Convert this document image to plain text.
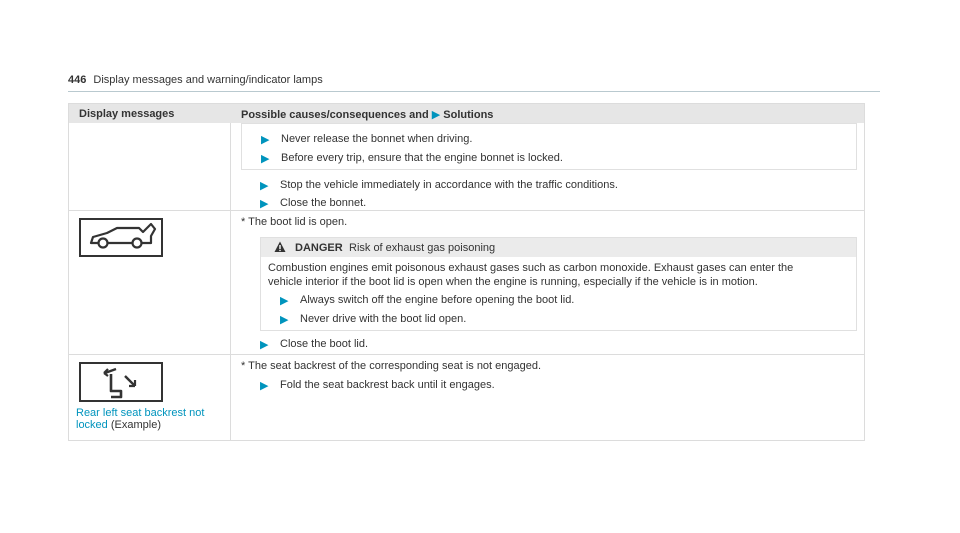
446 Display messages and warning/indicator lamps
Display messages	Possible causes/consequences and ▶ Solutions
▶ Never release the bonnet when driving.
▶ Before every trip, ensure that the engine bonnet is locked.
▶ Stop the vehicle immediately in accordance with the traffic conditions.
▶ Close the bonnet.
* The boot lid is open.
DANGER Risk of exhaust gas poisoning
Combustion engines emit poisonous exhaust gases such as carbon monoxide. Exhaust gases can enter the
vehicle interior if the boot lid is open when the engine is running, especially if the vehicle is in motion.
▶ Always switch off the engine before opening the boot lid.
▶ Never drive with the boot lid open.
▶ Close the boot lid.
Rear left seat backrest not
locked (Example)
* The seat backrest of the corresponding seat is not engaged.
▶ Fold the seat backrest back until it engages.
